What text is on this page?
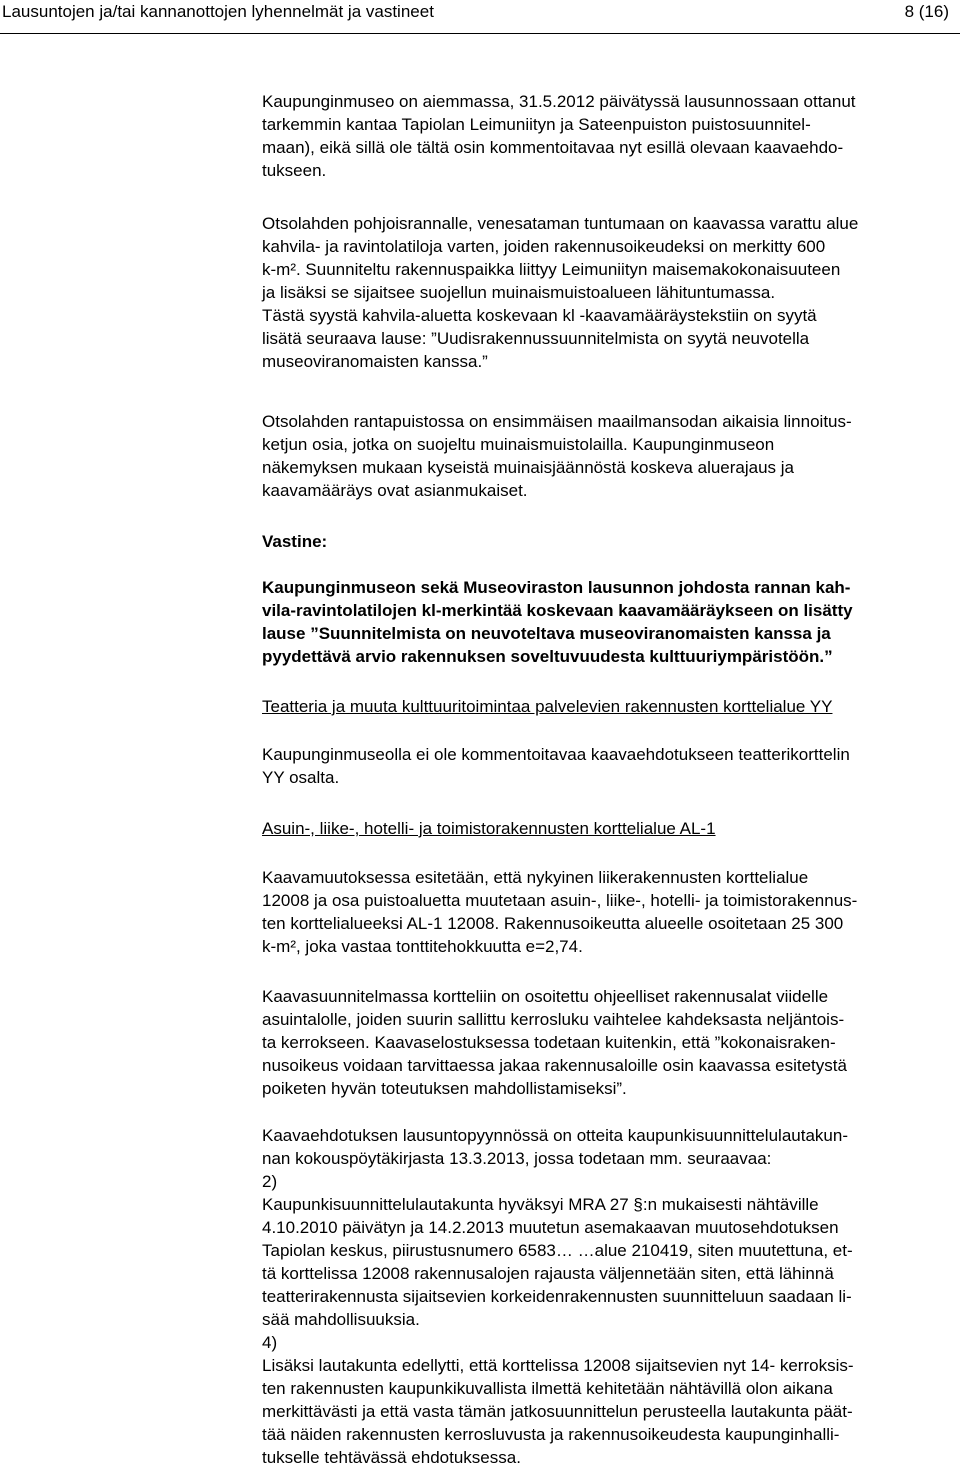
Lausuntojen ja/tai kannanottojen lyhennelmät ja vastineet	8 (16)
Kaupunginmuseo on aiemmassa, 31.5.2012 päivätyssä lausunnossaan ottanut
tarkemmin kantaa Tapiolan Leimuniityn ja Sateenpuiston puistosuunnitel-
maan), eikä sillä ole tältä osin kommentoitavaa nyt esillä olevaan kaavaehdo-
tukseen.
Otsolahden pohjoisrannalle, venesataman tuntumaan on kaavassa varattu alue
kahvila- ja ravintolatiloja varten, joiden rakennusoikeudeksi on merkitty 600
k-m². Suunniteltu rakennuspaikka liittyy Leimuniityn maisemakokonaisuuteen
ja lisäksi se sijaitsee suojellun muinaismuistoalueen lähituntumassa.
Tästä syystä kahvila-aluetta koskevaan kl -kaavamääräystekstiin on syytä
lisätä seuraava lause: ”Uudisrakennussuunnitelmista on syytä neuvotella
museoviranomaisten kanssa.”
Otsolahden rantapuistossa on ensimmäisen maailmansodan aikaisia linnoitus-
ketjun osia, jotka on suojeltu muinaismuistolailla. Kaupunginmuseon
näkemyksen mukaan kyseistä muinaisjäännöstä koskeva aluerajaus ja
kaavamääräys ovat asianmukaiset.
Vastine:
Kaupunginmuseon sekä Museoviraston lausunnon johdosta rannan kah-
vila-ravintolatilojen kl-merkintää koskevaan kaavamääräykseen on lisätty
lause ”Suunnitelmista on neuvoteltava museoviranomaisten kanssa ja
pyydettävä arvio rakennuksen soveltuvuudesta kulttuuriympäristöön.”
Teatteria ja muuta kulttuuritoimintaa palvelevien rakennusten korttelialue YY
Kaupunginmuseolla ei ole kommentoitavaa kaavaehdotukseen teatterikorttelin
YY osalta.
Asuin-, liike-, hotelli- ja toimistorakennusten korttelialue AL-1
Kaavamuutoksessa esitetään, että nykyinen liikerakennusten korttelialue
12008 ja osa puistoaluetta muutetaan asuin-, liike-, hotelli- ja toimistorakennus-
ten korttelialueeksi AL-1 12008. Rakennusoikeutta alueelle osoitetaan 25 300
k-m², joka vastaa tonttitehokkuutta e=2,74.
Kaavasuunnitelmassa kortteliin on osoitettu ohjeelliset rakennusalat viidelle
asuintalolle, joiden suurin sallittu kerrosluku vaihtelee kahdeksasta neljäntois-
ta kerrokseen. Kaavaselostuksessa todetaan kuitenkin, että ”kokonaisraken-
nusoikeus voidaan tarvittaessa jakaa rakennusaloille osin kaavassa esitetystä
poiketen hyvän toteutuksen mahdollistamiseksi”.
Kaavaehdotuksen lausuntopyynnössä on otteita kaupunkisuunnittelulautakun-
nan kokouspöytäkirjasta 13.3.2013, jossa todetaan mm. seuraavaa:
2)
Kaupunkisuunnittelulautakunta hyväksyi MRA 27 §:n mukaisesti nähtäville
4.10.2010 päivätyn ja 14.2.2013 muutetun asemakaavan muutosehdotuksen
Tapiolan keskus, piirustusnumero 6583… …alue 210419, siten muutettuna, et-
tä korttelissa 12008 rakennusalojen rajausta väljennetään siten, että lähinnä
teatterirakennusta sijaitsevien korkeidenrakennusten suunnitteluun saadaan li-
sää mahdollisuuksia.
4)
Lisäksi lautakunta edellytti, että korttelissa 12008 sijaitsevien nyt 14- kerroksis-
ten rakennusten kaupunkikuvallista ilmettä kehitetään nähtävillä olon aikana
merkittävästi ja että vasta tämän jatkosuunnittelun perusteella lautakunta päät-
tää näiden rakennusten kerrosluvusta ja rakennusoikeudesta kaupunginhalli-
tukselle tehtävässä ehdotuksessa.
